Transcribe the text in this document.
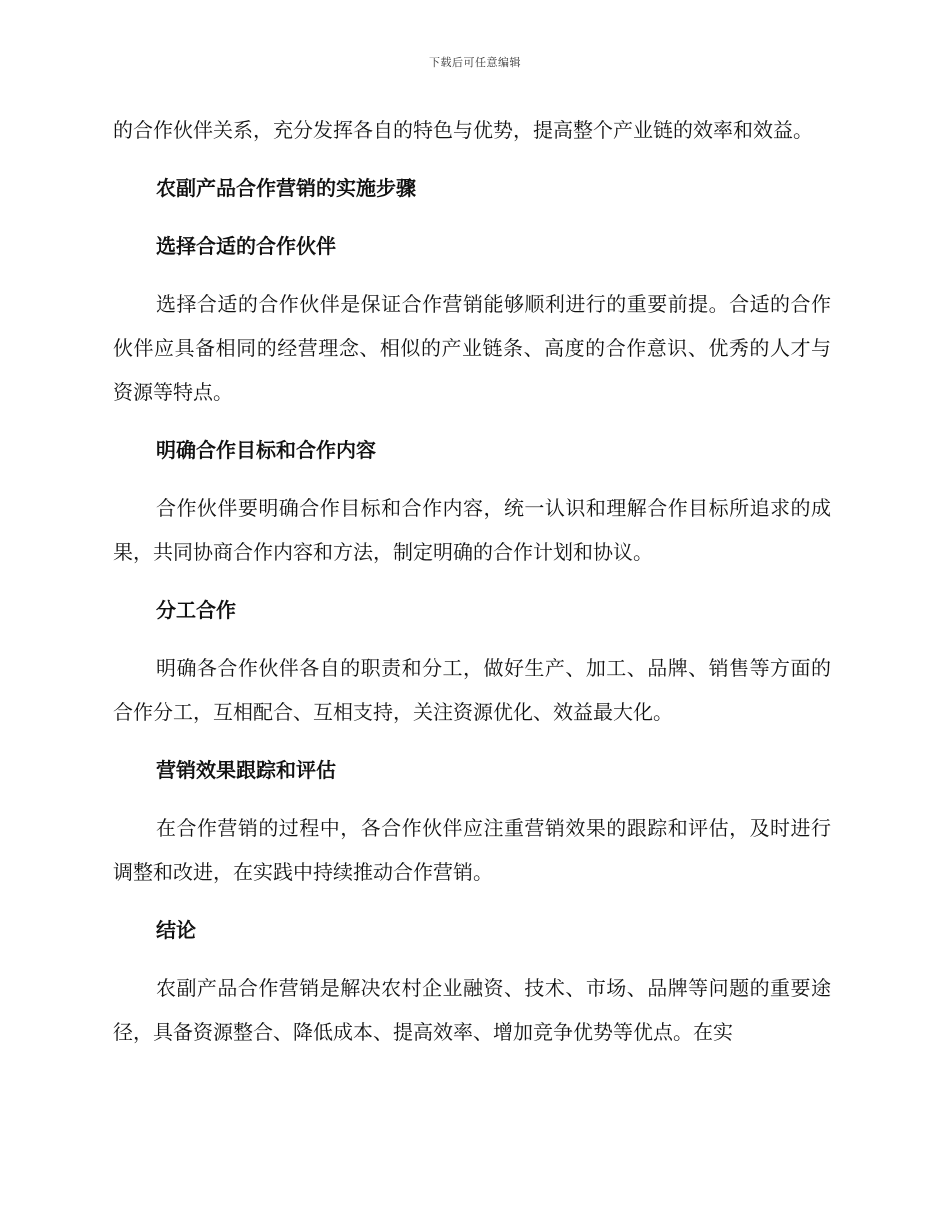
下载后可任意编辑

的合作伙伴关系，充分发挥各自的特色与优势，提高整个产业链的效率和效益。

农副产品合作营销的实施步骤
选择合适的合作伙伴

选择合适的合作伙伴是保证合作营销能够顺利进行的重要前提。合适的合作伙伴应具备相同的经营理念、相似的产业链条、高度的合作意识、优秀的人才与资源等特点。

明确合作目标和合作内容

合作伙伴要明确合作目标和合作内容，统一认识和理解合作目标所追求的成果，共同协商合作内容和方法，制定明确的合作计划和协议。

分工合作

明确各合作伙伴各自的职责和分工，做好生产、加工、品牌、销售等方面的合作分工，互相配合、互相支持，关注资源优化、效益最大化。

营销效果跟踪和评估

在合作营销的过程中，各合作伙伴应注重营销效果的跟踪和评估，及时进行调整和改进，在实践中持续推动合作营销。

结论

农副产品合作营销是解决农村企业融资、技术、市场、品牌等问题的重要途径，具备资源整合、降低成本、提高效率、增加竞争优势等优点。在实
